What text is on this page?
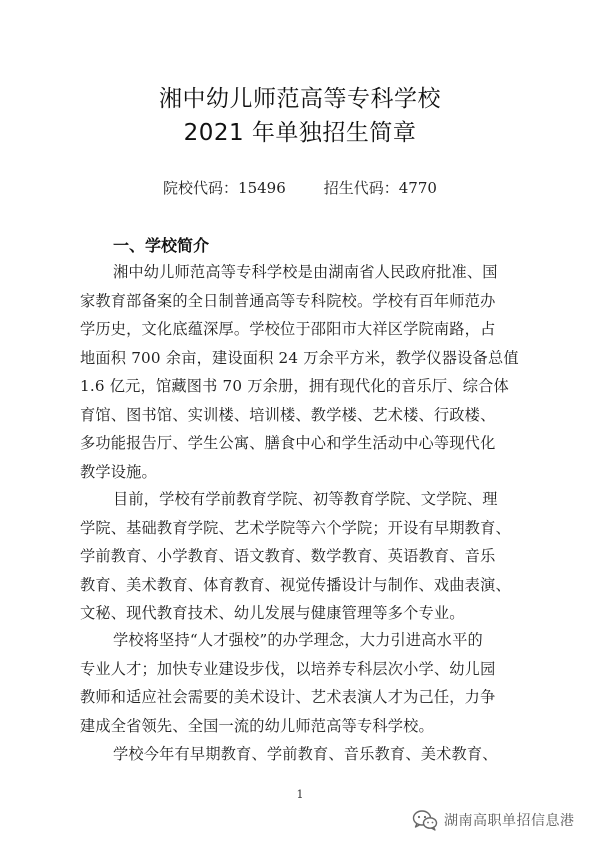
湘中幼儿师范高等专科学校
2021 年单独招生简章
院校代码：15496	招生代码：4770
一、学校简介
湘中幼儿师范高等专科学校是由湖南省人民政府批准、国
家教育部备案的全日制普通高等专科院校。学校有百年师范办
学历史，文化底蕴深厚。学校位于邵阳市大祥区学院南路，占
地面积 700 余亩，建设面积 24 万余平方米，教学仪器设备总值
1.6 亿元，馆藏图书 70 万余册，拥有现代化的音乐厅、综合体
育馆、图书馆、实训楼、培训楼、教学楼、艺术楼、行政楼、
多功能报告厅、学生公寓、膳食中心和学生活动中心等现代化
教学设施。
目前，学校有学前教育学院、初等教育学院、文学院、理
学院、基础教育学院、艺术学院等六个学院；开设有早期教育、
学前教育、小学教育、语文教育、数学教育、英语教育、音乐
教育、美术教育、体育教育、视觉传播设计与制作、戏曲表演、
文秘、现代教育技术、幼儿发展与健康管理等多个专业。
学校将坚持“人才强校”的办学理念，大力引进高水平的
专业人才；加快专业建设步伐，以培养专科层次小学、幼儿园
教师和适应社会需要的美术设计、艺术表演人才为己任，力争
建成全省领先、全国一流的幼儿师范高等专科学校。
学校今年有早期教育、学前教育、音乐教育、美术教育、
1
湖南高职单招信息港
